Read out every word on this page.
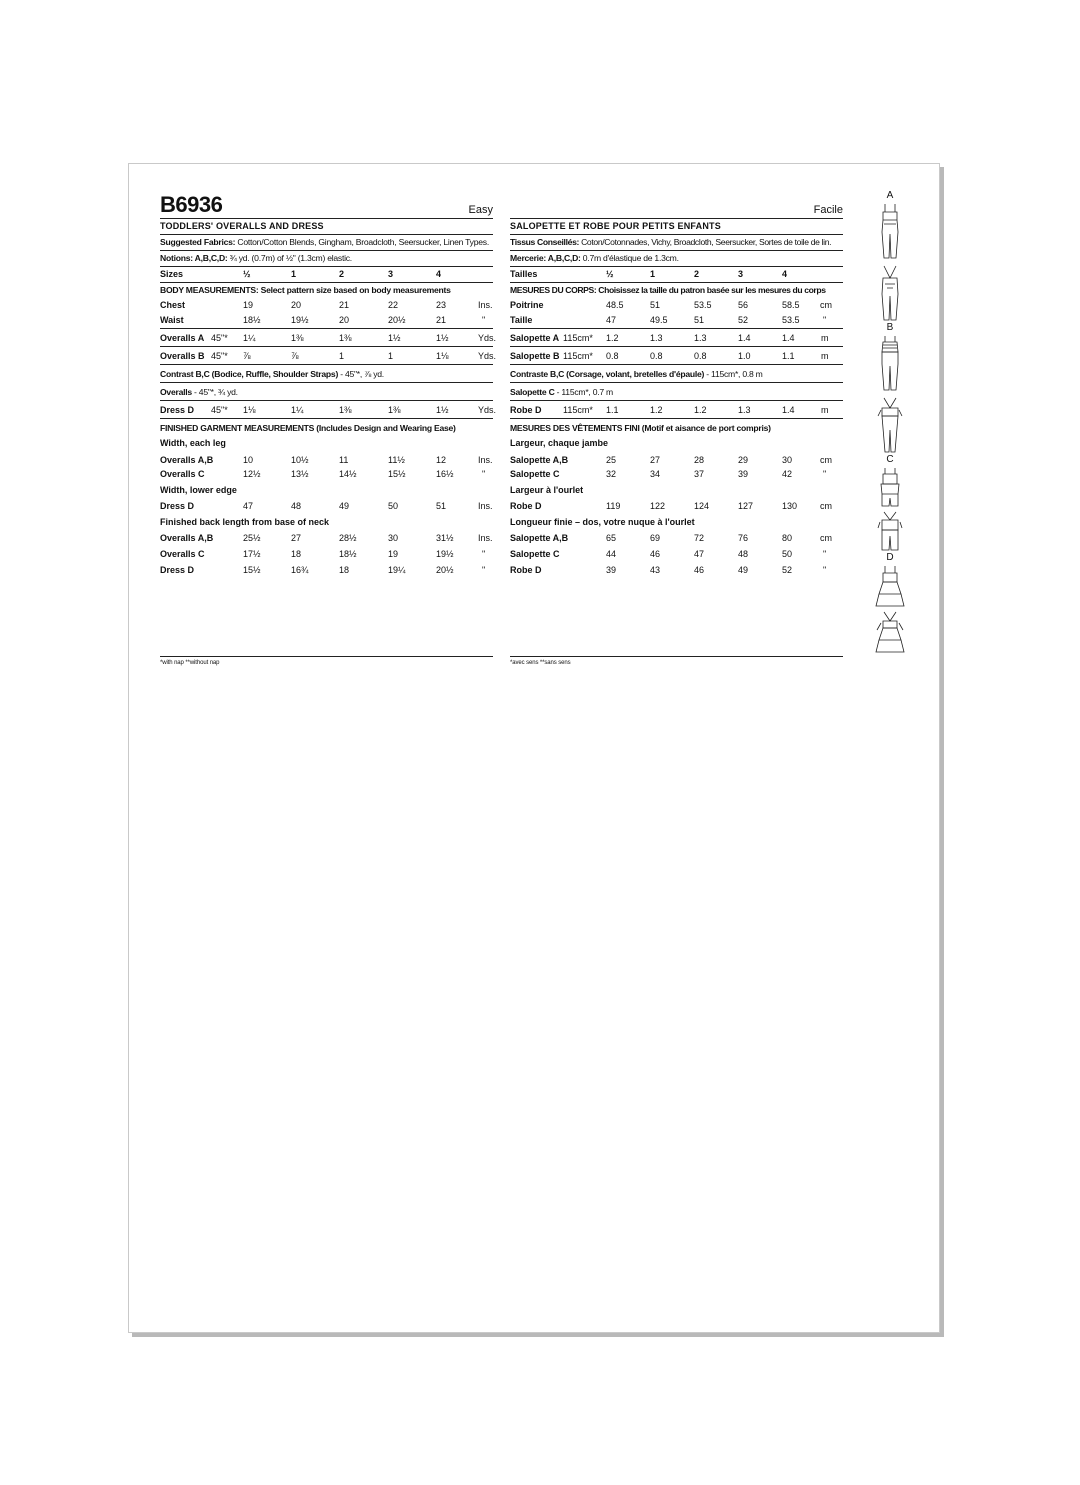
B6936	Easy
TODDLERS' OVERALLS AND DRESS
Suggested Fabrics: Cotton/Cotton Blends, Gingham, Broadcloth, Seersucker, Linen Types.
Notions: A,B,C,D: ¾ yd. (0.7m) of ½" (1.3cm) elastic.
Sizes	½	1	2	3	4
BODY MEASUREMENTS: Select pattern size based on body measurements
Chest	19	20	21	22	23	Ins.
Waist	18½	19½	20	20½	21	"
Overalls A 45"* 1¼	1⅜	1⅜	1½	1½	Yds.
Overalls B 45"* ⅞	⅞	1	1	1⅛	Yds.
Contrast B,C (Bodice, Ruffle, Shoulder Straps) - 45"*, ⅞ yd.
Overalls - 45"*, ¾ yd.
Dress D 45"* 1⅛	1¼	1⅜	1⅜	1½	Yds.
FINISHED GARMENT MEASUREMENTS (Includes Design and Wearing Ease)
Width, each leg
Overalls A,B	10	10½	11	11½	12	Ins.
Overalls C	12½	13½	14½	15½	16½	"
Width, lower edge
Dress D	47	48	49	50	51	Ins.
Finished back length from base of neck
Overalls A,B	25½	27	28½	30	31½	Ins.
Overalls C	17½	18	18½	19	19½	"
Dress D	15½	16¾	18	19¼	20½	"
*with nap **without nap
Facile
SALOPETTE ET ROBE POUR PETITS ENFANTS
Tissus Conseillés: Coton/Cotonnades, Vichy, Broadcloth, Seersucker, Sortes de toile de lin.
Mercerie: A,B,C,D: 0.7m d'élastique de 1.3cm.
Tailles	½	1	2	3	4
MESURES DU CORPS: Choisissez la taille du patron basée sur les mesures du corps
Poitrine	48.5	51	53.5	56	58.5 cm
Taille	47	49.5	51	52	53.5	"
Salopette A 115cm* 1.2	1.3	1.3	1.4	1.4	m
Salopette B 115cm* 0.8	0.8	0.8	1.0	1.1	m
Contraste B,C (Corsage, volant, bretelles d'épaule) - 115cm*, 0.8 m
Salopette C - 115cm*, 0.7 m
Robe D 115cm* 1.1	1.2	1.2	1.3	1.4	m
MESURES DES VÊTEMENTS FINI (Motif et aisance de port compris)
Largeur, chaque jambe
Salopette A,B	25	27	28	29	30	cm
Salopette C	32	34	37	39	42	"
Largeur à l'ourlet
Robe D	119	122	124	127	130	cm
Longueur finie – dos, votre nuque à l'ourlet
Salopette A,B	65	69	72	76	80	cm
Salopette C	44	46	47	48	50	"
Robe D	39	43	46	49	52	"
*avec sens **sans sens
A
B
C
D
